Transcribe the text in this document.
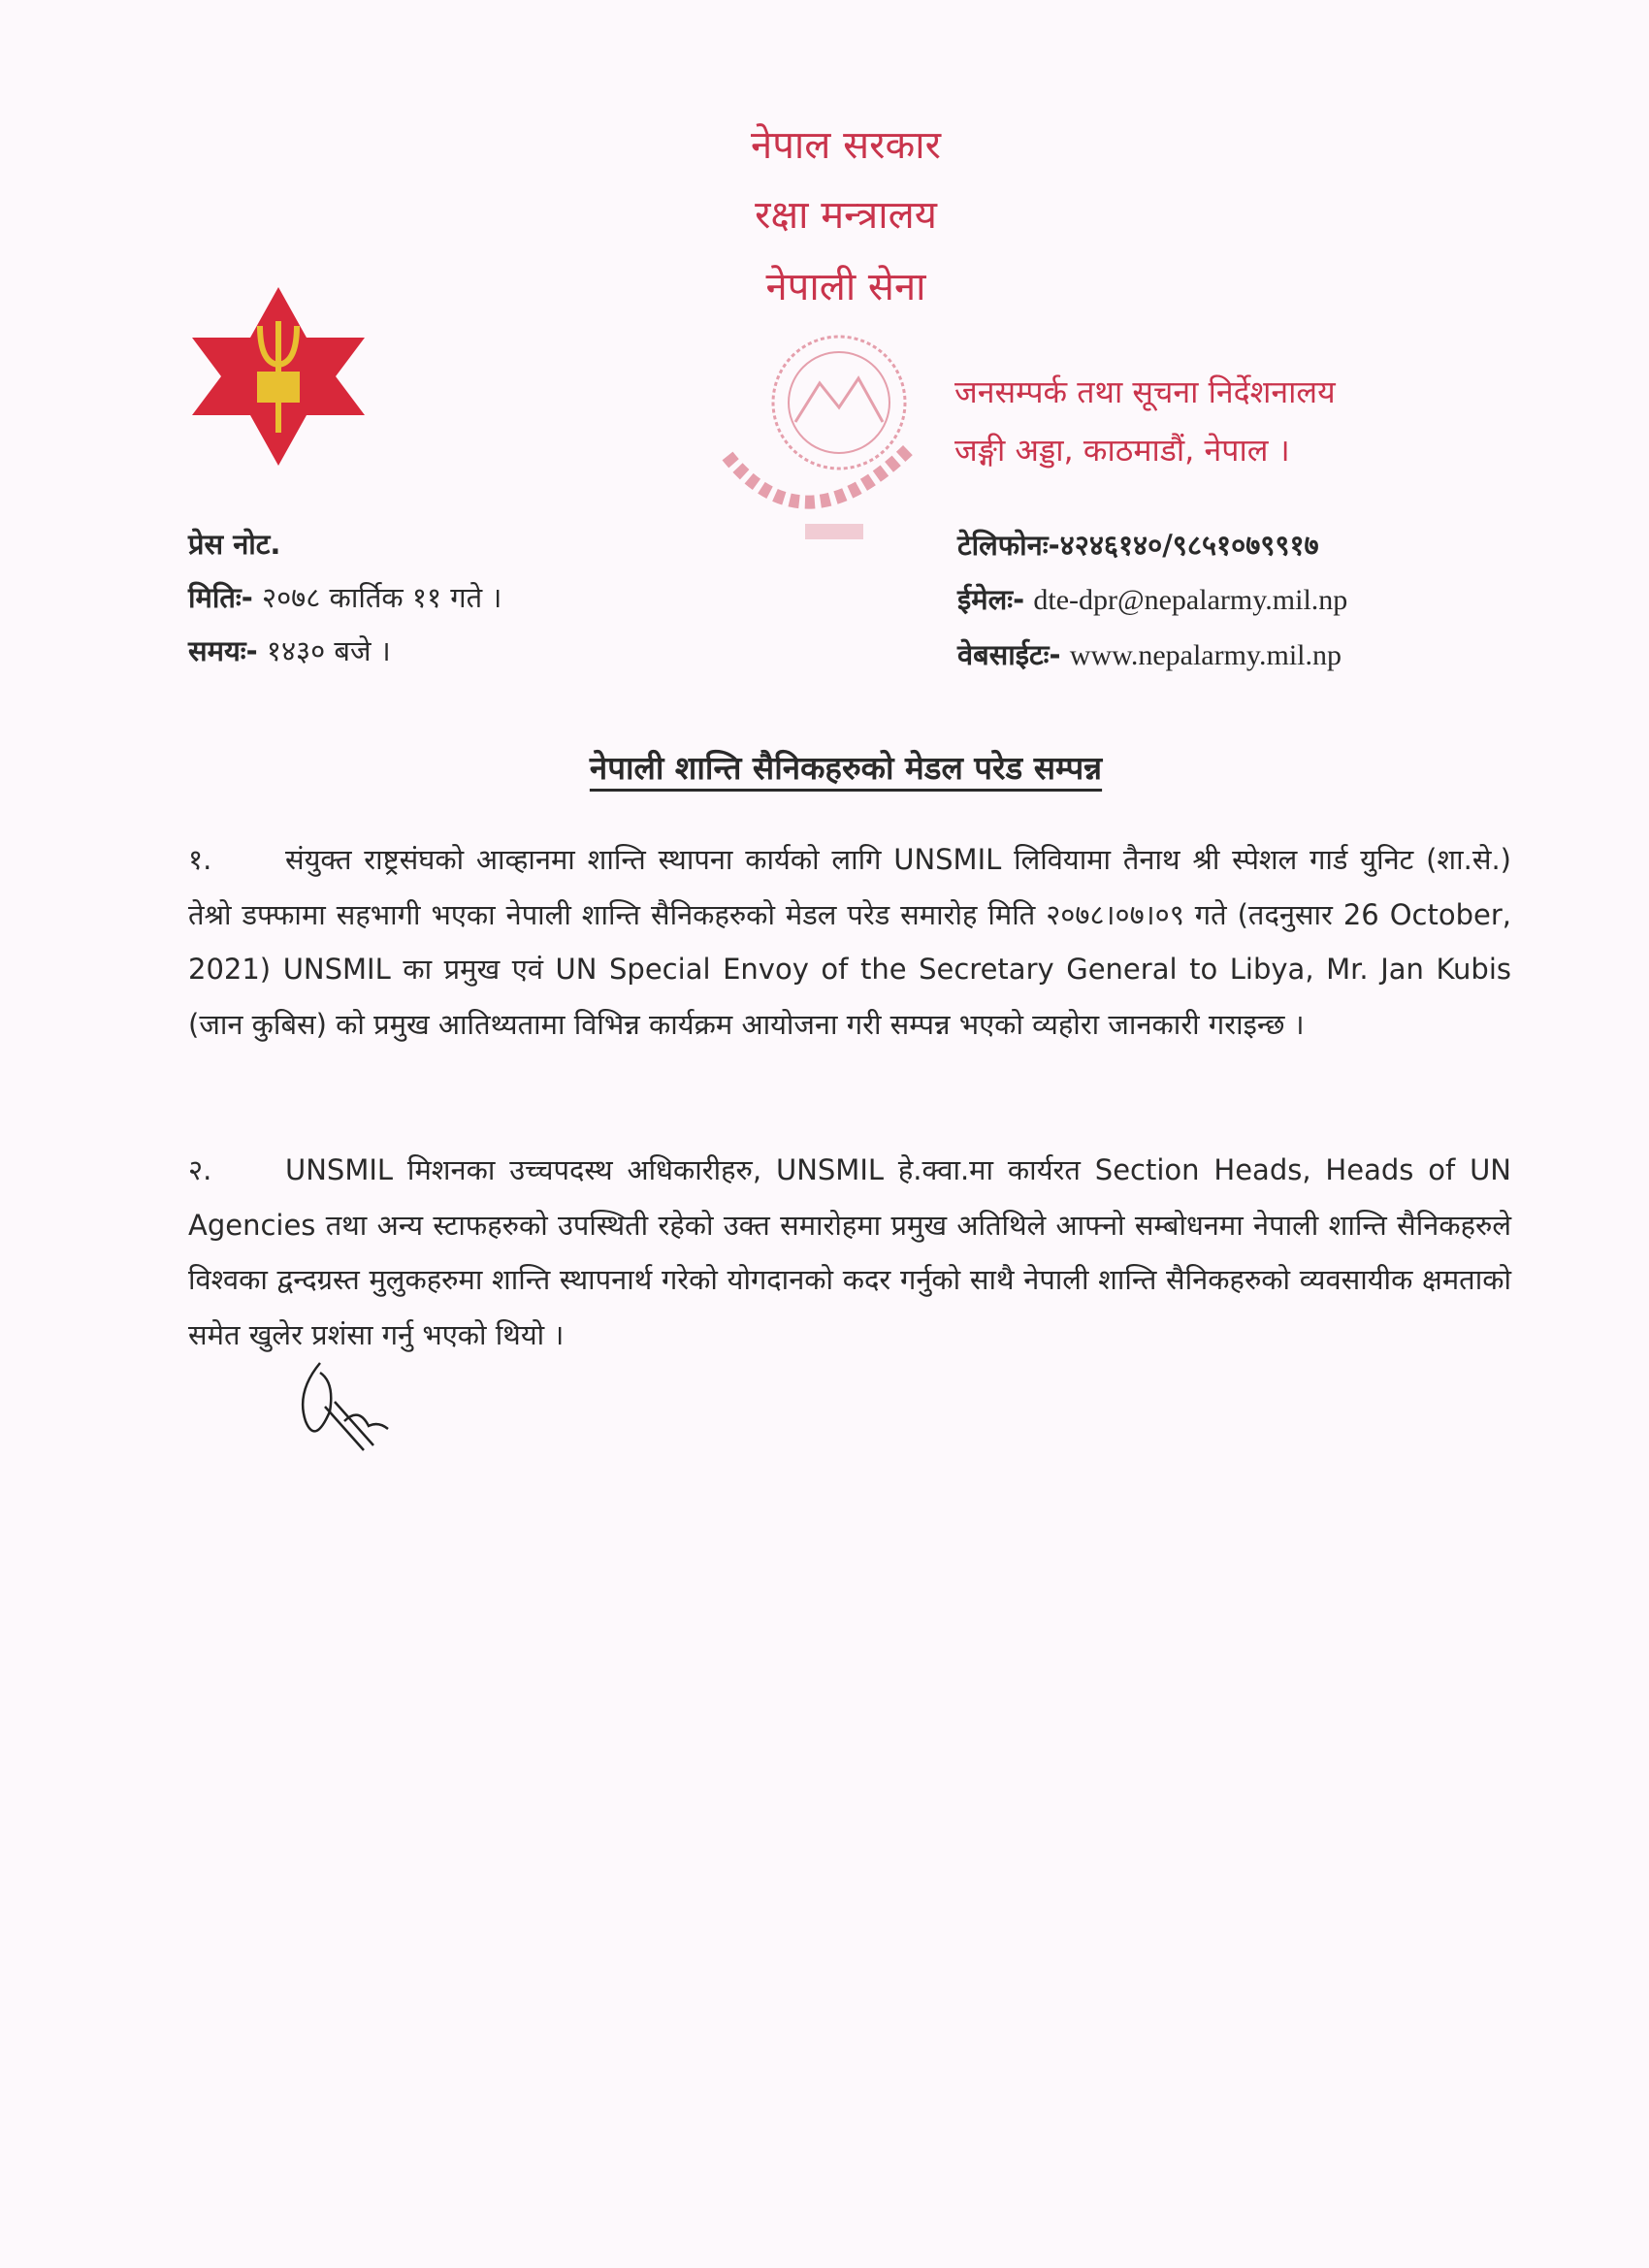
नेपाल सरकार
रक्षा मन्त्रालय
नेपाली सेना
जनसम्पर्क तथा सूचना निर्देशनालय
जङ्गी अड्डा, काठमाडौं, नेपाल ।
प्रेस नोट.
मितिः- २०७८ कार्तिक ११ गते ।
समयः- १४३० बजे ।
टेलिफोनः-४२४६१४०/९८५१०७९९१७
ईमेलः- dte-dpr@nepalarmy.mil.np
वेबसाईटः- www.nepalarmy.mil.np
नेपाली शान्ति सैनिकहरुको मेडल परेड सम्पन्न
१.	संयुक्त राष्ट्रसंघको आव्हानमा शान्ति स्थापना कार्यको लागि UNSMIL लिवियामा तैनाथ श्री स्पेशल गार्ड युनिट (शा.से.) तेश्रो डफ्फामा सहभागी भएका नेपाली शान्ति सैनिकहरुको मेडल परेड समारोह मिति २०७८।०७।०९ गते (तदनुसार 26 October, 2021) UNSMIL का प्रमुख एवं UN Special Envoy of the Secretary General to Libya, Mr. Jan Kubis (जान कुबिस) को प्रमुख आतिथ्यतामा विभिन्न कार्यक्रम आयोजना गरी सम्पन्न भएको व्यहोरा जानकारी गराइन्छ ।
२.	UNSMIL मिशनका उच्चपदस्थ अधिकारीहरु, UNSMIL हे.क्वा.मा कार्यरत Section Heads, Heads of UN Agencies तथा अन्य स्टाफहरुको उपस्थिती रहेको उक्त समारोहमा प्रमुख अतिथिले आफ्नो सम्बोधनमा नेपाली शान्ति सैनिकहरुले विश्वका द्वन्दग्रस्त मुलुकहरुमा शान्ति स्थापनार्थ गरेको योगदानको कदर गर्नुको साथै नेपाली शान्ति सैनिकहरुको व्यवसायीक क्षमताको समेत खुलेर प्रशंसा गर्नु भएको थियो ।
